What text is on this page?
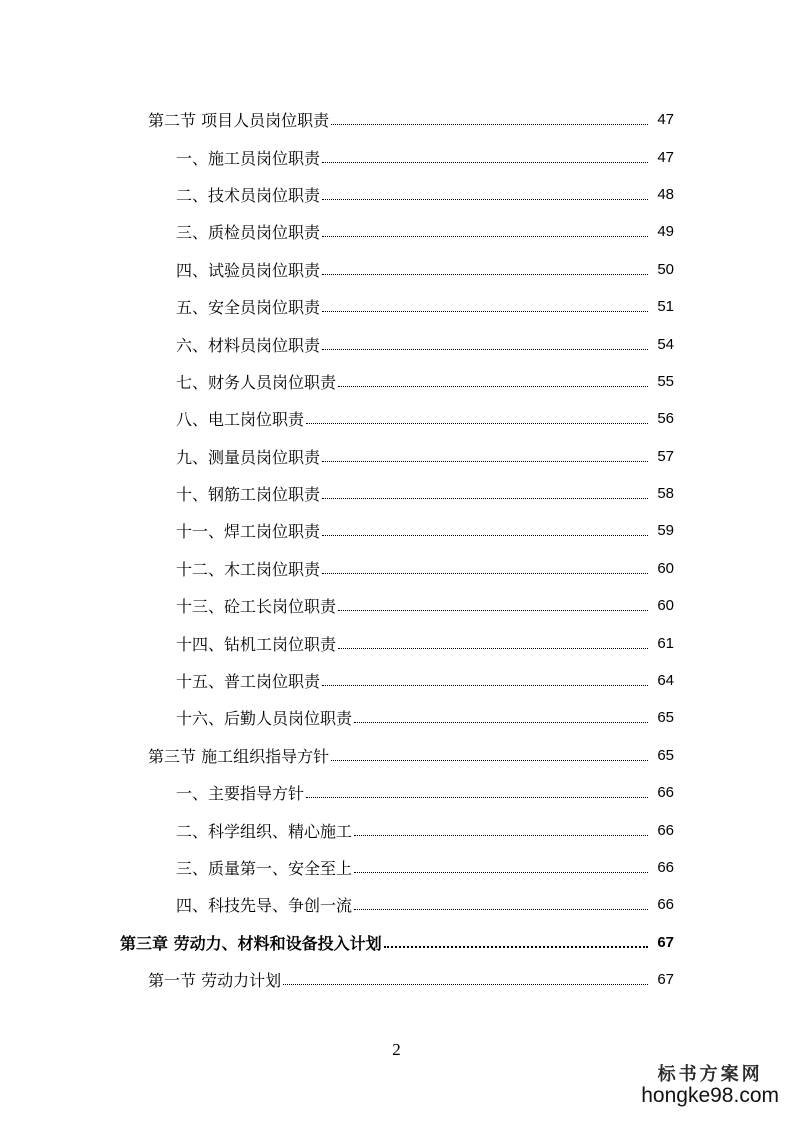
第二节 项目人员岗位职责	47
一、施工员岗位职责	47
二、技术员岗位职责	48
三、质检员岗位职责	49
四、试验员岗位职责	50
五、安全员岗位职责	51
六、材料员岗位职责	54
七、财务人员岗位职责	55
八、电工岗位职责	56
九、测量员岗位职责	57
十、钢筋工岗位职责	58
十一、焊工岗位职责	59
十二、木工岗位职责	60
十三、砼工长岗位职责	60
十四、钻机工岗位职责	61
十五、普工岗位职责	64
十六、后勤人员岗位职责	65
第三节 施工组织指导方针	65
一、主要指导方针	66
二、科学组织、精心施工	66
三、质量第一、安全至上	66
四、科技先导、争创一流	66
第三章 劳动力、材料和设备投入计划	67
第一节 劳动力计划	67
2
标书方案网
hongke98.com
